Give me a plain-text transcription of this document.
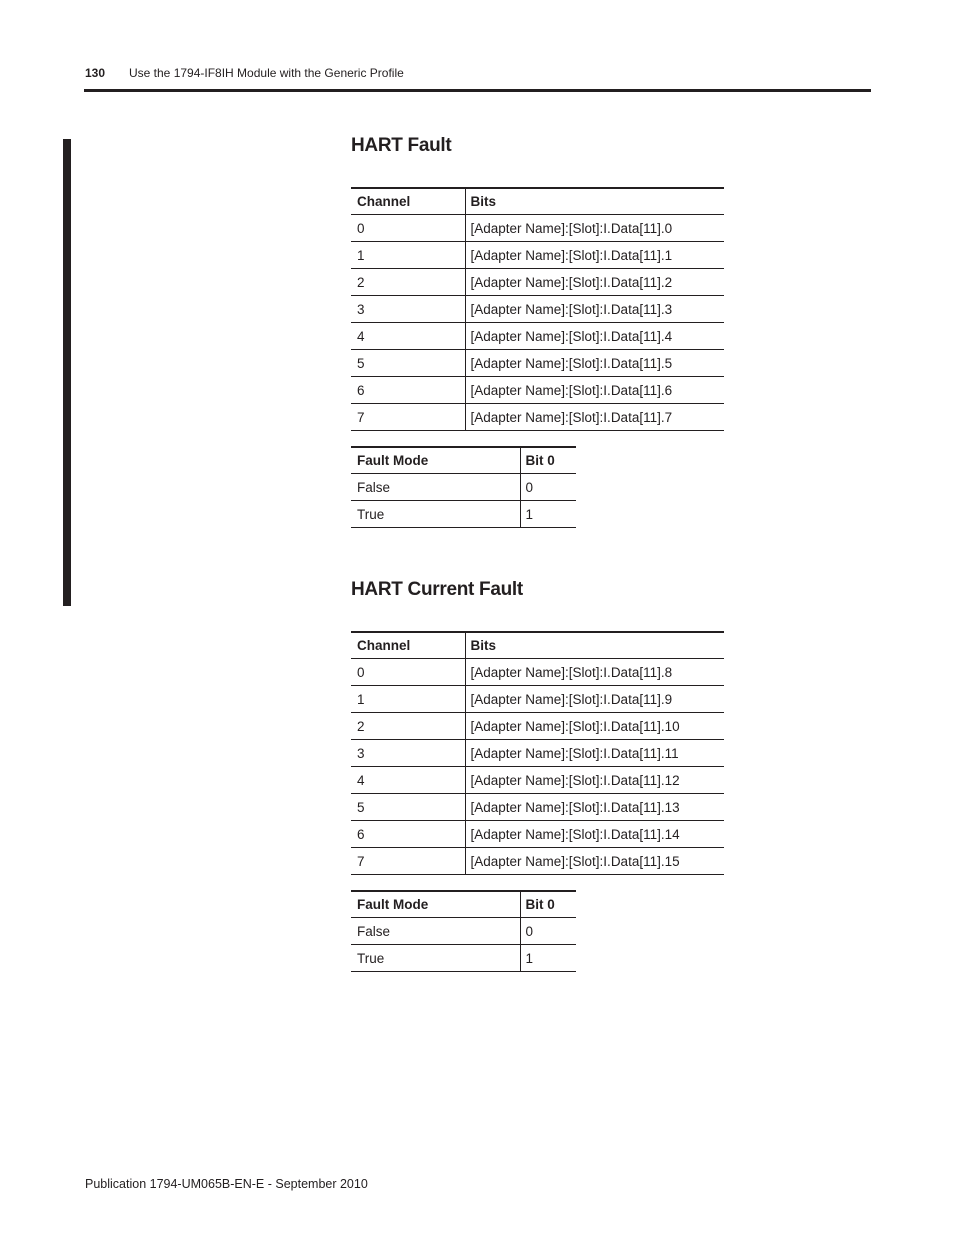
130 Use the 1794-IF8IH Module with the Generic Profile
HART Fault
Channel	Bits
0	[Adapter Name]:[Slot]:I.Data[11].0
1	[Adapter Name]:[Slot]:I.Data[11].1
2	[Adapter Name]:[Slot]:I.Data[11].2
3	[Adapter Name]:[Slot]:I.Data[11].3
4	[Adapter Name]:[Slot]:I.Data[11].4
5	[Adapter Name]:[Slot]:I.Data[11].5
6	[Adapter Name]:[Slot]:I.Data[11].6
7	[Adapter Name]:[Slot]:I.Data[11].7
Fault Mode	Bit 0
False	0
True	1
HART Current Fault
Channel	Bits
0	[Adapter Name]:[Slot]:I.Data[11].8
1	[Adapter Name]:[Slot]:I.Data[11].9
2	[Adapter Name]:[Slot]:I.Data[11].10
3	[Adapter Name]:[Slot]:I.Data[11].11
4	[Adapter Name]:[Slot]:I.Data[11].12
5	[Adapter Name]:[Slot]:I.Data[11].13
6	[Adapter Name]:[Slot]:I.Data[11].14
7	[Adapter Name]:[Slot]:I.Data[11].15
Fault Mode	Bit 0
False	0
True	1
Publication 1794-UM065B-EN-E - September 2010
